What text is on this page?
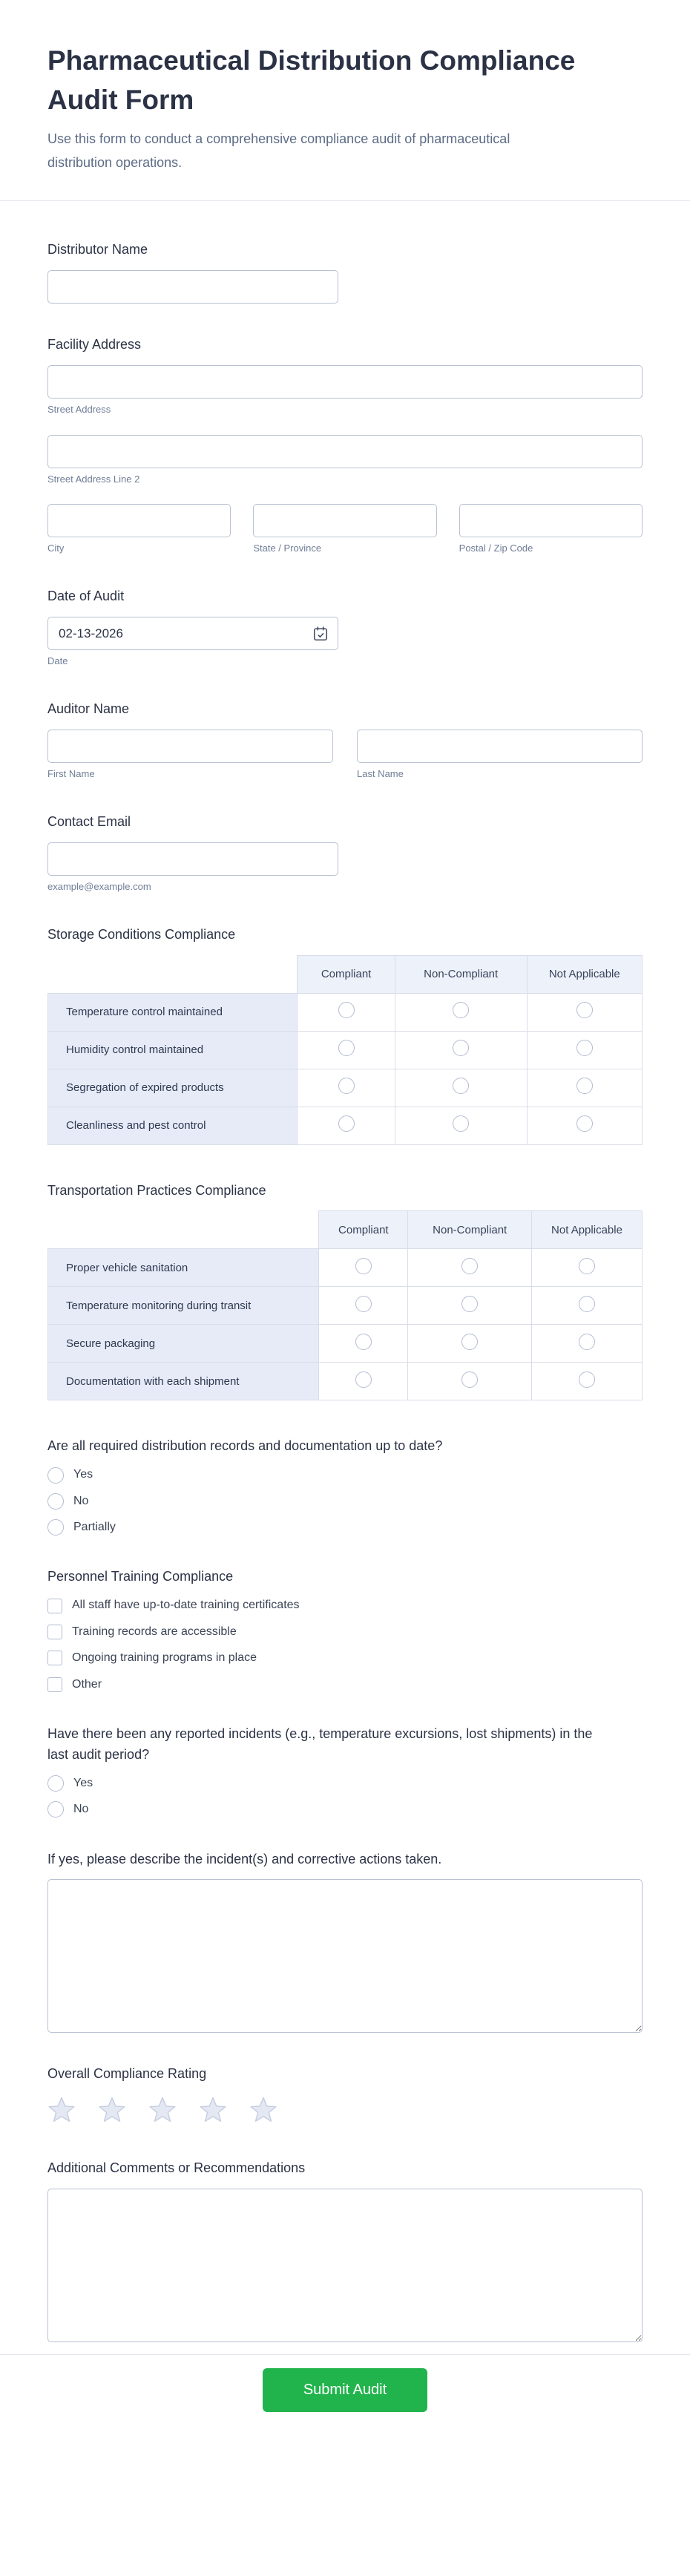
Pharmaceutical Distribution Compliance Audit Form

Use this form to conduct a comprehensive compliance audit of pharmaceutical distribution operations.

Distributor Name
Facility Address
Street Address
Street Address Line 2
City	State / Province	Postal / Zip Code
Date of Audit
02-13-2026
Date
Auditor Name
First Name	Last Name
Contact Email
example@example.com
Storage Conditions Compliance
	Compliant	Non-Compliant	Not Applicable
Temperature control maintained			
Humidity control maintained			
Segregation of expired products			
Cleanliness and pest control			
Transportation Practices Compliance
	Compliant	Non-Compliant	Not Applicable
Proper vehicle sanitation			
Temperature monitoring during transit			
Secure packaging			
Documentation with each shipment			
Are all required distribution records and documentation up to date?
Yes
No
Partially
Personnel Training Compliance
All staff have up-to-date training certificates
Training records are accessible
Ongoing training programs in place
Other
Have there been any reported incidents (e.g., temperature excursions, lost shipments) in the last audit period?
Yes
No
If yes, please describe the incident(s) and corrective actions taken.
Overall Compliance Rating
Additional Comments or Recommendations
Submit Audit
